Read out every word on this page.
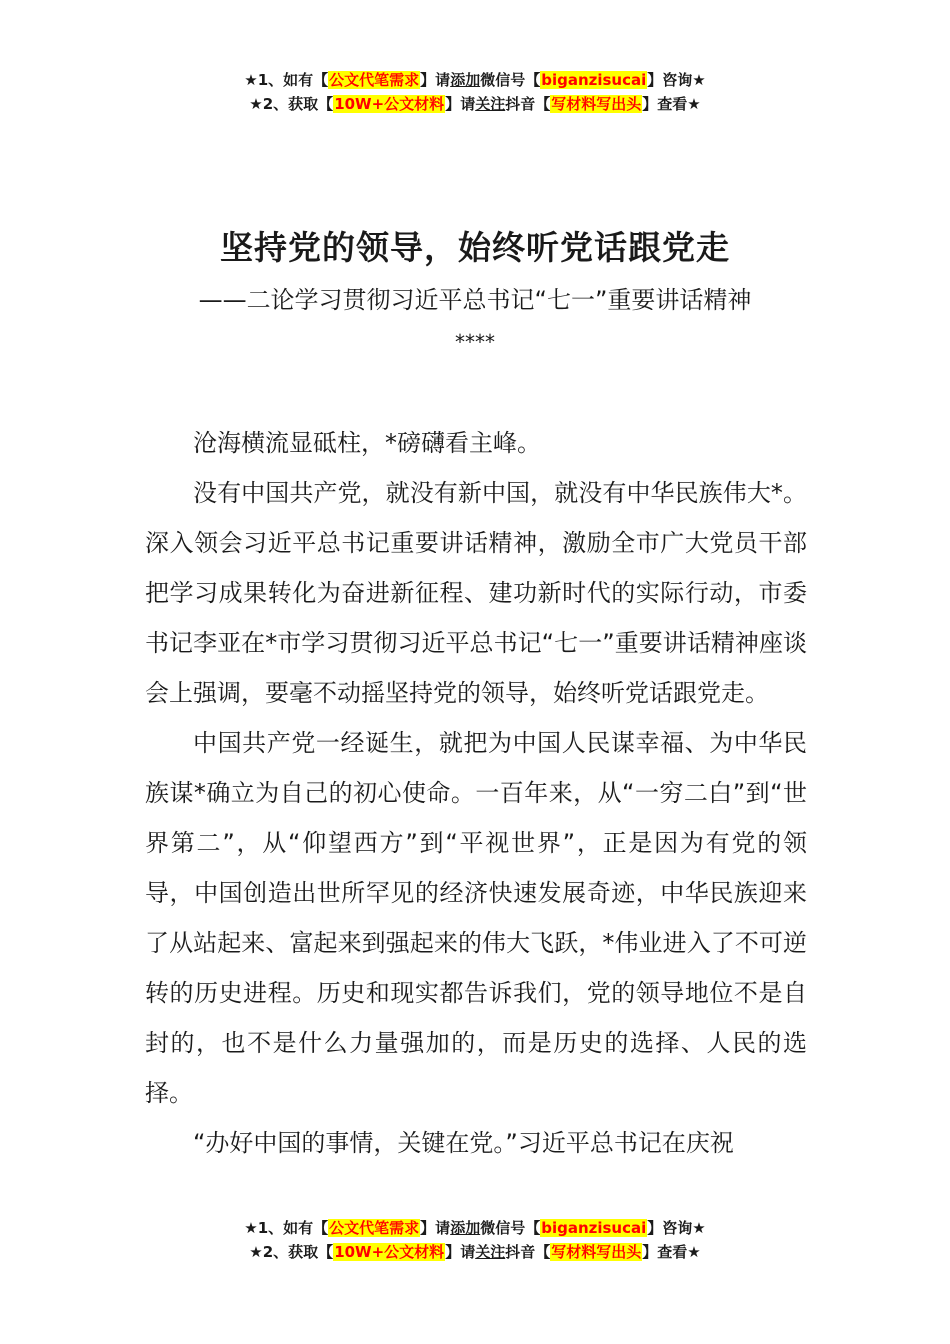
★1、如有【公文代笔需求】请添加微信号【biganzisucai】咨询★
★2、获取【10W+公文材料】请关注抖音【写材料写出头】查看★
坚持党的领导，始终听党话跟党走
——二论学习贯彻习近平总书记“七一”重要讲话精神
****

沧海横流显砥柱，*磅礴看主峰。

没有中国共产党，就没有新中国，就没有中华民族伟大*。深入领会习近平总书记重要讲话精神，激励全市广大党员干部把学习成果转化为奋进新征程、建功新时代的实际行动，市委书记李亚在*市学习贯彻习近平总书记“七一”重要讲话精神座谈会上强调，要毫不动摇坚持党的领导，始终听党话跟党走。

中国共产党一经诞生，就把为中国人民谋幸福、为中华民族谋*确立为自己的初心使命。一百年来，从“一穷二白”到“世界第二”，从“仰望西方”到“平视世界”，正是因为有党的领导，中国创造出世所罕见的经济快速发展奇迹，中华民族迎来了从站起来、富起来到强起来的伟大飞跃，*伟业进入了不可逆转的历史进程。历史和现实都告诉我们，党的领导地位不是自封的，也不是什么力量强加的，而是历史的选择、人民的选择。

“办好中国的事情，关键在党。”习近平总书记在庆祝

★1、如有【公文代笔需求】请添加微信号【biganzisucai】咨询★
★2、获取【10W+公文材料】请关注抖音【写材料写出头】查看★
